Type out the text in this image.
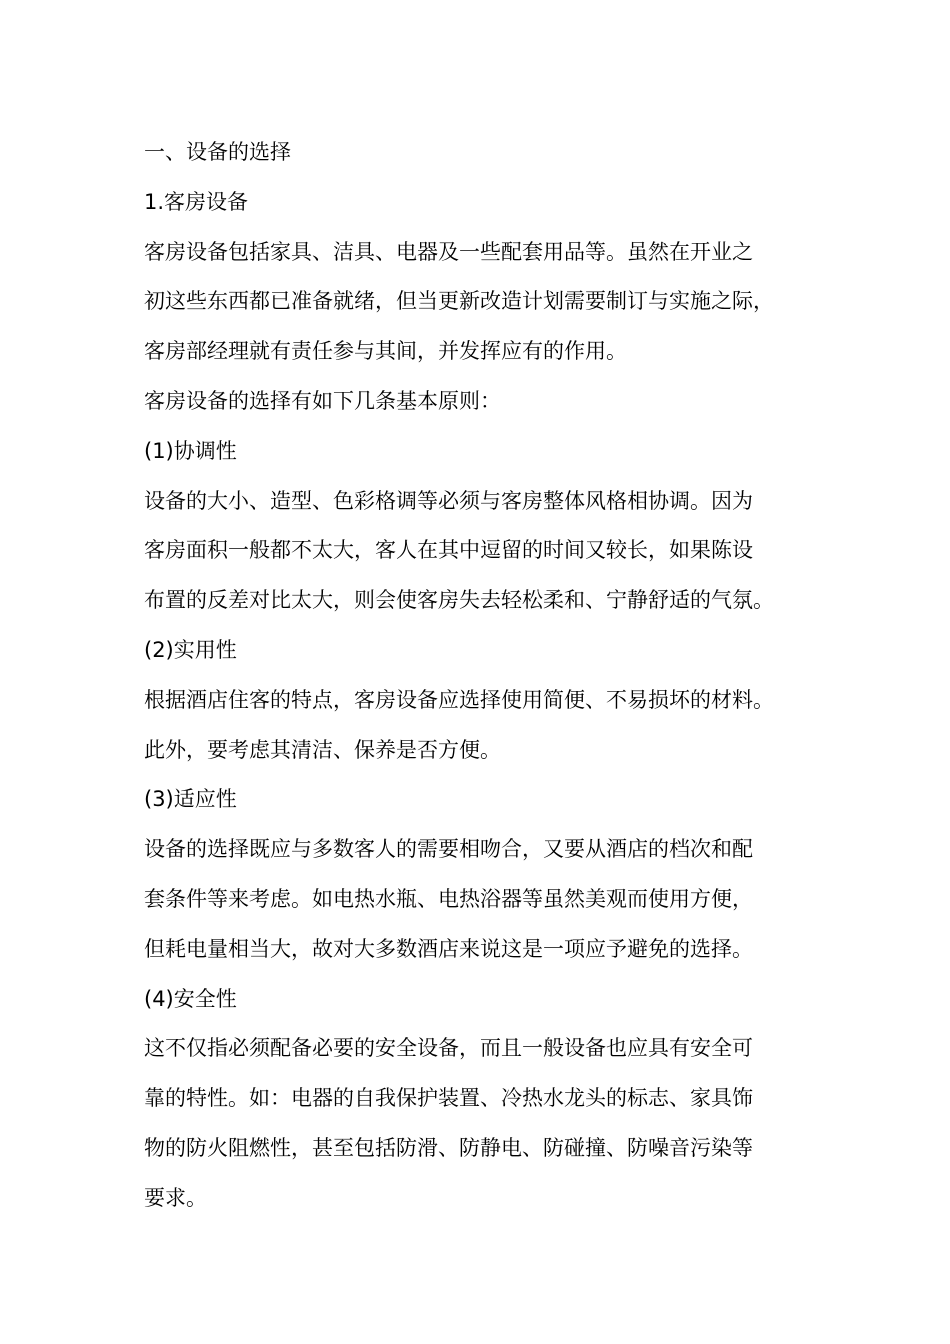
一、设备的选择

1.客房设备

客房设备包括家具、洁具、电器及一些配套用品等。虽然在开业之

初这些东西都已准备就绪，但当更新改造计划需要制订与实施之际，

客房部经理就有责任参与其间，并发挥应有的作用。

客房设备的选择有如下几条基本原则：

(1)协调性

设备的大小、造型、色彩格调等必须与客房整体风格相协调。因为

客房面积一般都不太大，客人在其中逗留的时间又较长，如果陈设

布置的反差对比太大，则会使客房失去轻松柔和、宁静舒适的气氛。

(2)实用性

根据酒店住客的特点，客房设备应选择使用简便、不易损坏的材料。

此外，要考虑其清洁、保养是否方便。

(3)适应性

设备的选择既应与多数客人的需要相吻合，又要从酒店的档次和配

套条件等来考虑。如电热水瓶、电热浴器等虽然美观而使用方便，

但耗电量相当大，故对大多数酒店来说这是一项应予避免的选择。

(4)安全性

这不仅指必须配备必要的安全设备，而且一般设备也应具有安全可

靠的特性。如：电器的自我保护装置、冷热水龙头的标志、家具饰

物的防火阻燃性，甚至包括防滑、防静电、防碰撞、防噪音污染等

要求。
